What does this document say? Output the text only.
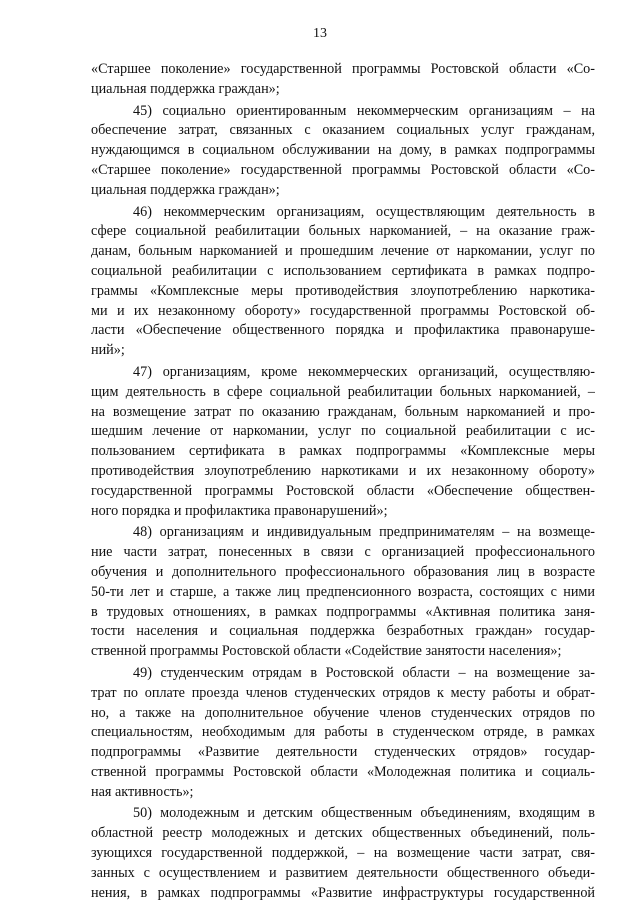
13
«Старшее поколение» государственной программы Ростовской области «Со-
циальная поддержка граждан»;
45) социально ориентированным некоммерческим организациям – на
обеспечение затрат, связанных с оказанием социальных услуг гражданам,
нуждающимся в социальном обслуживании на дому, в рамках подпрограммы
«Старшее поколение» государственной программы Ростовской области «Со-
циальная поддержка граждан»;
46) некоммерческим организациям, осуществляющим деятельность в
сфере социальной реабилитации больных наркоманией, – на оказание граж-
данам, больным наркоманией и прошедшим лечение от наркомании, услуг по
социальной реабилитации с использованием сертификата в рамках подпро-
граммы «Комплексные меры противодействия злоупотреблению наркотика-
ми и их незаконному обороту» государственной программы Ростовской об-
ласти «Обеспечение общественного порядка и профилактика правонаруше-
ний»;
47) организациям, кроме некоммерческих организаций, осуществляю-
щим деятельность в сфере социальной реабилитации больных наркоманией, –
на возмещение затрат по оказанию гражданам, больным наркоманией и про-
шедшим лечение от наркомании, услуг по социальной реабилитации с ис-
пользованием сертификата в рамках подпрограммы «Комплексные меры
противодействия злоупотреблению наркотиками и их незаконному обороту»
государственной программы Ростовской области «Обеспечение обществен-
ного порядка и профилактика правонарушений»;
48) организациям и индивидуальным предпринимателям – на возмеще-
ние части затрат, понесенных в связи с организацией профессионального
обучения и дополнительного профессионального образования лиц в возрасте
50-ти лет и старше, а также лиц предпенсионного возраста, состоящих с ними
в трудовых отношениях, в рамках подпрограммы «Активная политика заня-
тости населения и социальная поддержка безработных граждан» государ-
ственной программы Ростовской области «Содействие занятости населения»;
49) студенческим отрядам в Ростовской области – на возмещение за-
трат по оплате проезда членов студенческих отрядов к месту работы и обрат-
но, а также на дополнительное обучение членов студенческих отрядов по
специальностям, необходимым для работы в студенческом отряде, в рамках
подпрограммы «Развитие деятельности студенческих отрядов» государ-
ственной программы Ростовской области «Молодежная политика и социаль-
ная активность»;
50) молодежным и детским общественным объединениям, входящим в
областной реестр молодежных и детских общественных объединений, поль-
зующихся государственной поддержкой, – на возмещение части затрат, свя-
занных с осуществлением и развитием деятельности общественного объеди-
нения, в рамках подпрограммы «Развитие инфраструктуры государственной
